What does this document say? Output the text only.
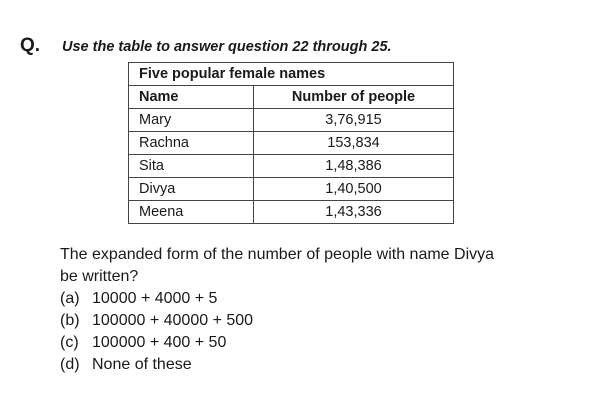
Q.	Use the table to answer question 22 through 25.
Five popular female names	
Name	Number of people
Mary	3,76,915
Rachna	153,834
Sita	1,48,386
Divya	1,40,500
Meena	1,43,336
The expanded form of the number of people with name Divya
be written?
(a) 10000 + 4000 + 5
(b) 100000 + 40000 + 500
(c) 100000 + 400 + 50
(d) None of these
